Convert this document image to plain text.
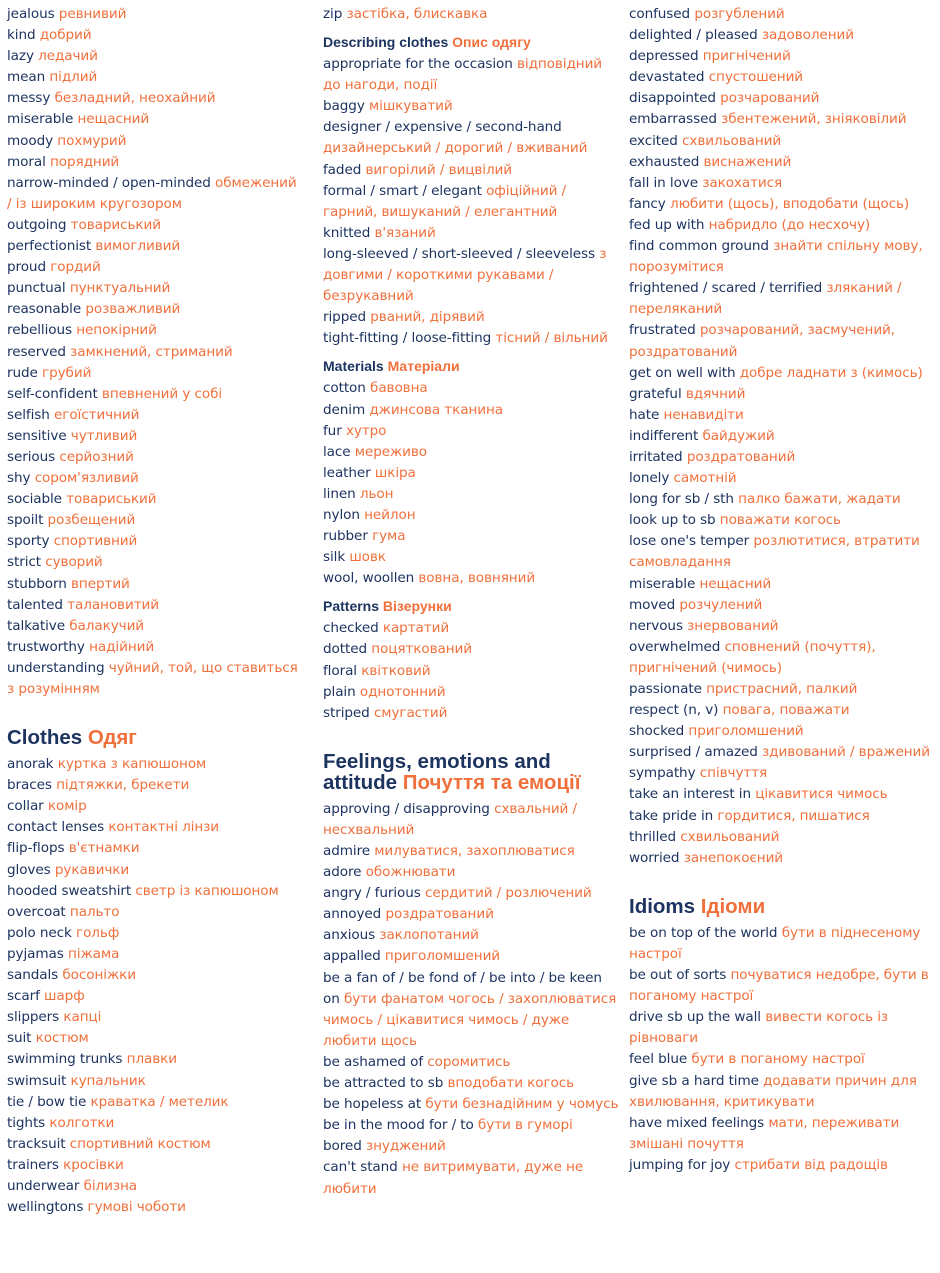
jealous ревнивий
kind добрий
lazy ледачий
mean підлий
messy безладний, неохайний
miserable нещасний
moody похмурий
moral порядний
narrow-minded / open-minded обмежений / із широким кругозором
outgoing товариський
perfectionist вимогливий
proud гордий
punctual пунктуальний
reasonable розважливий
rebellious непокірний
reserved замкнений, стриманий
rude грубий
self-confident впевнений у собі
selfish егоїстичний
sensitive чутливий
serious серйозний
shy сором'язливий
sociable товариський
spoilt розбещений
sporty спортивний
strict суворий
stubborn впертий
talented талановитий
talkative балакучий
trustworthy надійний
understanding чуйний, той, що ставиться з розумінням
Clothes Одяг
anorak куртка з капюшоном
braces підтяжки, брекети
collar комір
contact lenses контактні лінзи
flip-flops в'єтнамки
gloves рукавички
hooded sweatshirt светр із капюшоном
overcoat пальто
polo neck гольф
pyjamas піжама
sandals босоніжки
scarf шарф
slippers капці
suit костюм
swimming trunks плавки
swimsuit купальник
tie / bow tie краватка / метелик
tights колготки
tracksuit спортивний костюм
trainers кросівки
underwear білизна
wellingtons гумові чоботи
zip застібка, блискавка
Describing clothes Опис одягу
appropriate for the occasion відповідний до нагоди, події
baggy мішкуватий
designer / expensive / second-hand дизайнерський / дорогий / вживаний
faded вигорілий / вицвілий
formal / smart / elegant офіційний / гарний, вишуканий / елегантний
knitted в'язаний
long-sleeved / short-sleeved / sleeveless з довгими / короткими рукавами / безрукавний
ripped рваний, дірявий
tight-fitting / loose-fitting тісний / вільний
Materials Матеріали
cotton бавовна
denim джинсова тканина
fur хутро
lace мереживо
leather шкіра
linen льон
nylon нейлон
rubber гума
silk шовк
wool, woollen вовна, вовняний
Patterns Візерунки
checked картатий
dotted поцяткований
floral квітковий
plain однотонний
striped смугастий
Feelings, emotions and attitude Почуття та емоції
approving / disapproving схвальний / несхвальний
admire милуватися, захоплюватися
adore обожнювати
angry / furious сердитий / розлючений
annoyed роздратований
anxious заклопотаний
appalled приголомшений
be a fan of / be fond of / be into / be keen on бути фанатом чогось / захоплюватися чимось / цікавитися чимось / дуже любити щось
be ashamed of соромитись
be attracted to sb вподобати когось
be hopeless at бути безнадійним у чомусь
be in the mood for / to бути в гуморі
bored знуджений
can't stand не витримувати, дуже не любити
confused розгублений
delighted / pleased задоволений
depressed пригнічений
devastated спустошений
disappointed розчарований
embarrassed збентежений, зніяковілий
excited схвильований
exhausted виснажений
fall in love закохатися
fancy любити (щось), вподобати (щось)
fed up with набридло (до несхочу)
find common ground знайти спільну мову, порозумітися
frightened / scared / terrified зляканий / переляканий
frustrated розчарований, засмучений, роздратований
get on well with добре ладнати з (кимось)
grateful вдячний
hate ненавидіти
indifferent байдужий
irritated роздратований
lonely самотній
long for sb / sth палко бажати, жадати
look up to sb поважати когось
lose one's temper розлютитися, втратити самовладання
miserable нещасний
moved розчулений
nervous знервований
overwhelmed сповнений (почуття), пригнічений (чимось)
passionate пристрасний, палкий
respect (n, v) повага, поважати
shocked приголомшений
surprised / amazed здивований / вражений
sympathy співчуття
take an interest in цікавитися чимось
take pride in гордитися, пишатися
thrilled схвильований
worried занепокоєний
Idioms Ідіоми
be on top of the world бути в піднесеному настрої
be out of sorts почуватися недобре, бути в поганому настрої
drive sb up the wall вивести когось із рівноваги
feel blue бути в поганому настрої
give sb a hard time додавати причин для хвилювання, критикувати
have mixed feelings мати, переживати змішані почуття
jumping for joy стрибати від радощів
